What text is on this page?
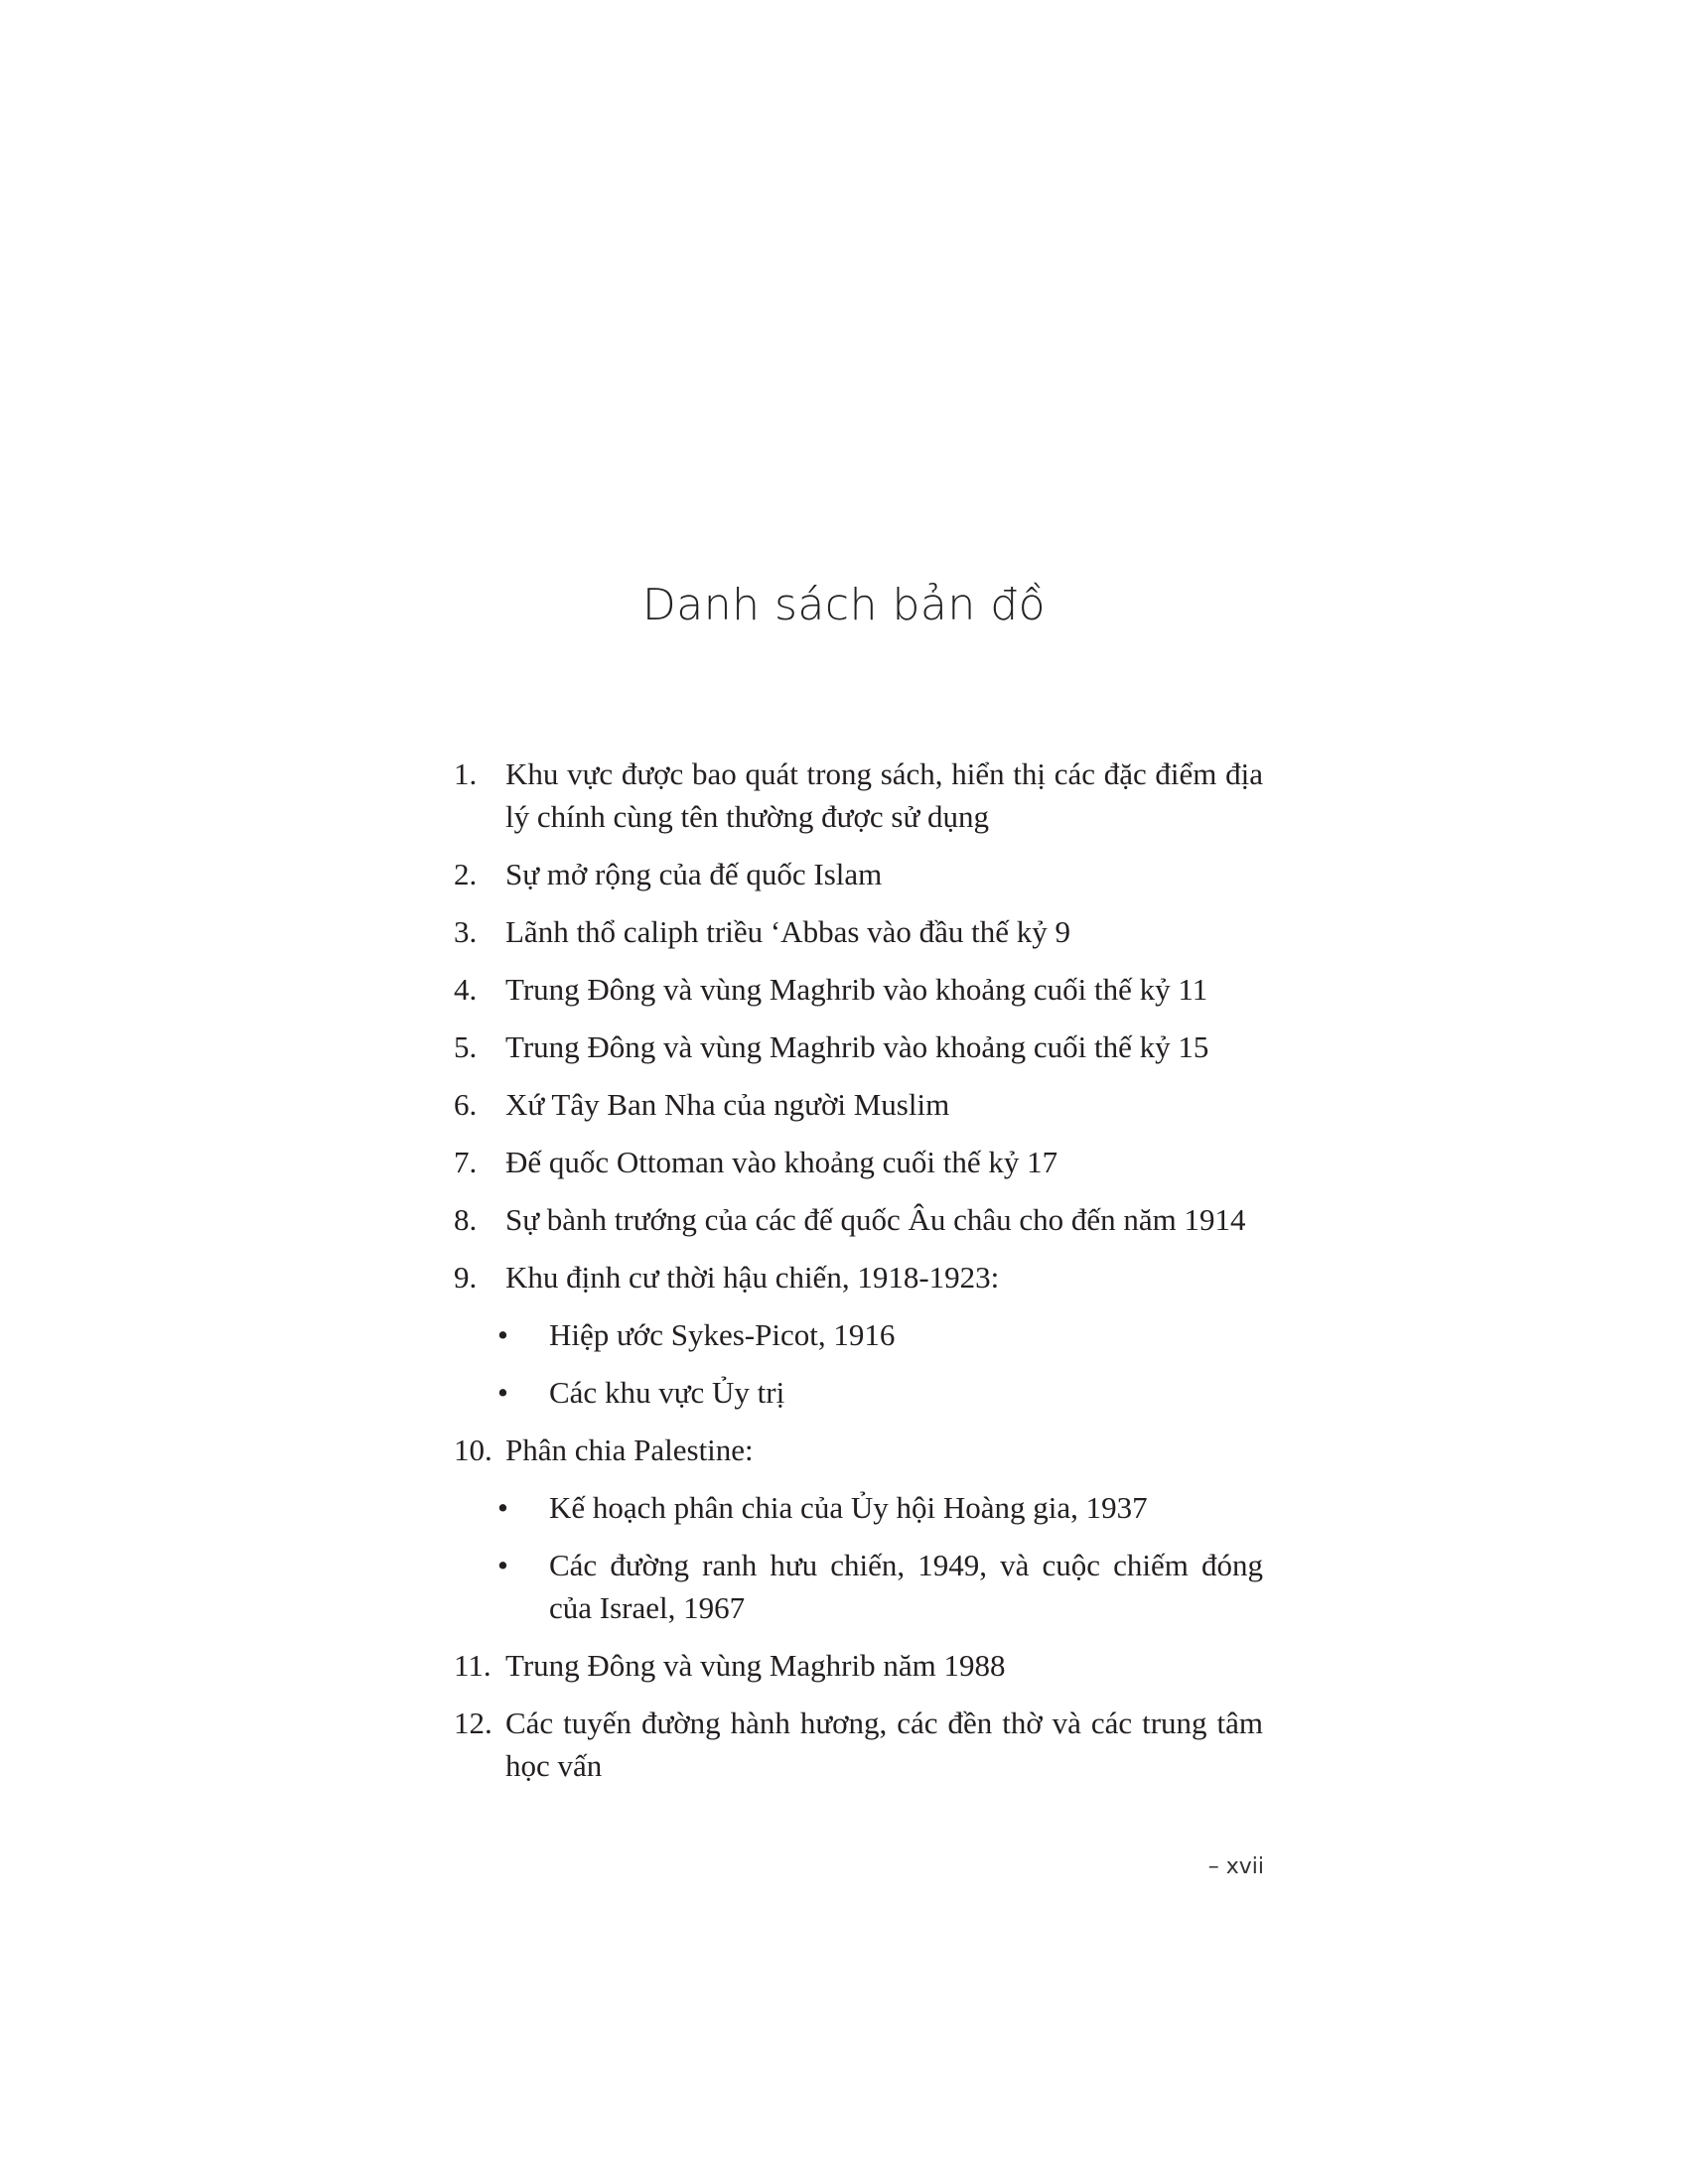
Danh sách bản đồ
1. Khu vực được bao quát trong sách, hiển thị các đặc điểm địa lý chính cùng tên thường được sử dụng
2. Sự mở rộng của đế quốc Islam
3. Lãnh thổ caliph triều ‘Abbas vào đầu thế kỷ 9
4. Trung Đông và vùng Maghrib vào khoảng cuối thế kỷ 11
5. Trung Đông và vùng Maghrib vào khoảng cuối thế kỷ 15
6. Xứ Tây Ban Nha của người Muslim
7. Đế quốc Ottoman vào khoảng cuối thế kỷ 17
8. Sự bành trướng của các đế quốc Âu châu cho đến năm 1914
9. Khu định cư thời hậu chiến, 1918-1923:
• Hiệp ước Sykes-Picot, 1916
• Các khu vực Ủy trị
10. Phân chia Palestine:
• Kế hoạch phân chia của Ủy hội Hoàng gia, 1937
• Các đường ranh hưu chiến, 1949, và cuộc chiếm đóng của Israel, 1967
11. Trung Đông và vùng Maghrib năm 1988
12. Các tuyến đường hành hương, các đền thờ và các trung tâm học vấn
– xvii
